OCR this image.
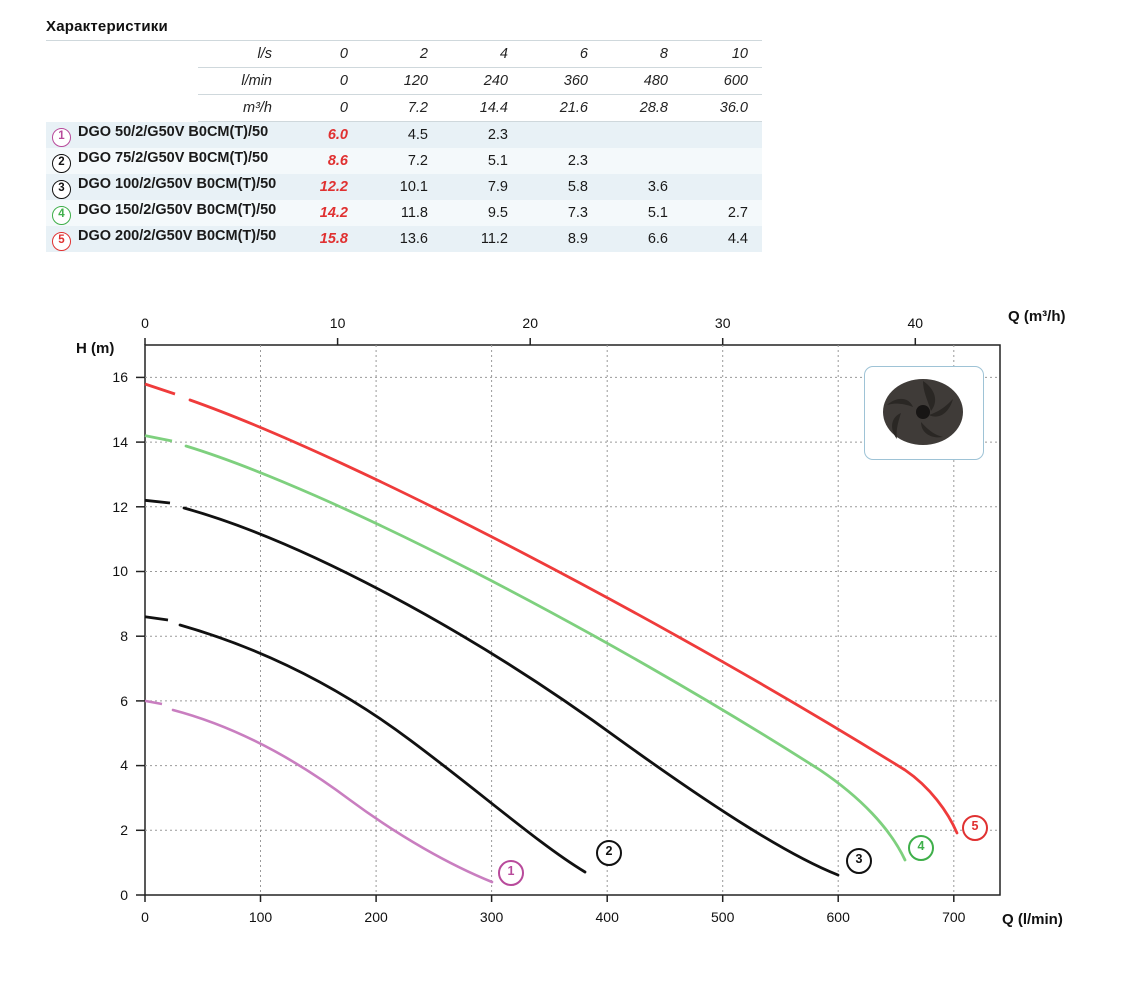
Характеристики
	l/s	0	2	4	6	8	10
	l/min	0	120	240	360	480	600
	m³/h	0	7.2	14.4	21.6	28.8	36.0
1 DGO 50/2/G50V B0CM(T)/50		6.0	4.5	2.3			
2 DGO 75/2/G50V B0CM(T)/50		8.6	7.2	5.1	2.3		
3 DGO 100/2/G50V B0CM(T)/50		12.2	10.1	7.9	5.8	3.6	
4 DGO 150/2/G50V B0CM(T)/50		14.2	11.8	9.5	7.3	5.1	2.7
5 DGO 200/2/G50V B0CM(T)/50		15.8	13.6	11.2	8.9	6.6	4.4
Q (m³/h)
H (m)
Q (l/min)
0	10	20	30	40
0	100	200	300	400	500	600	700
0
2
4
6
8
10
12
14
16
1
2
3
4
5
